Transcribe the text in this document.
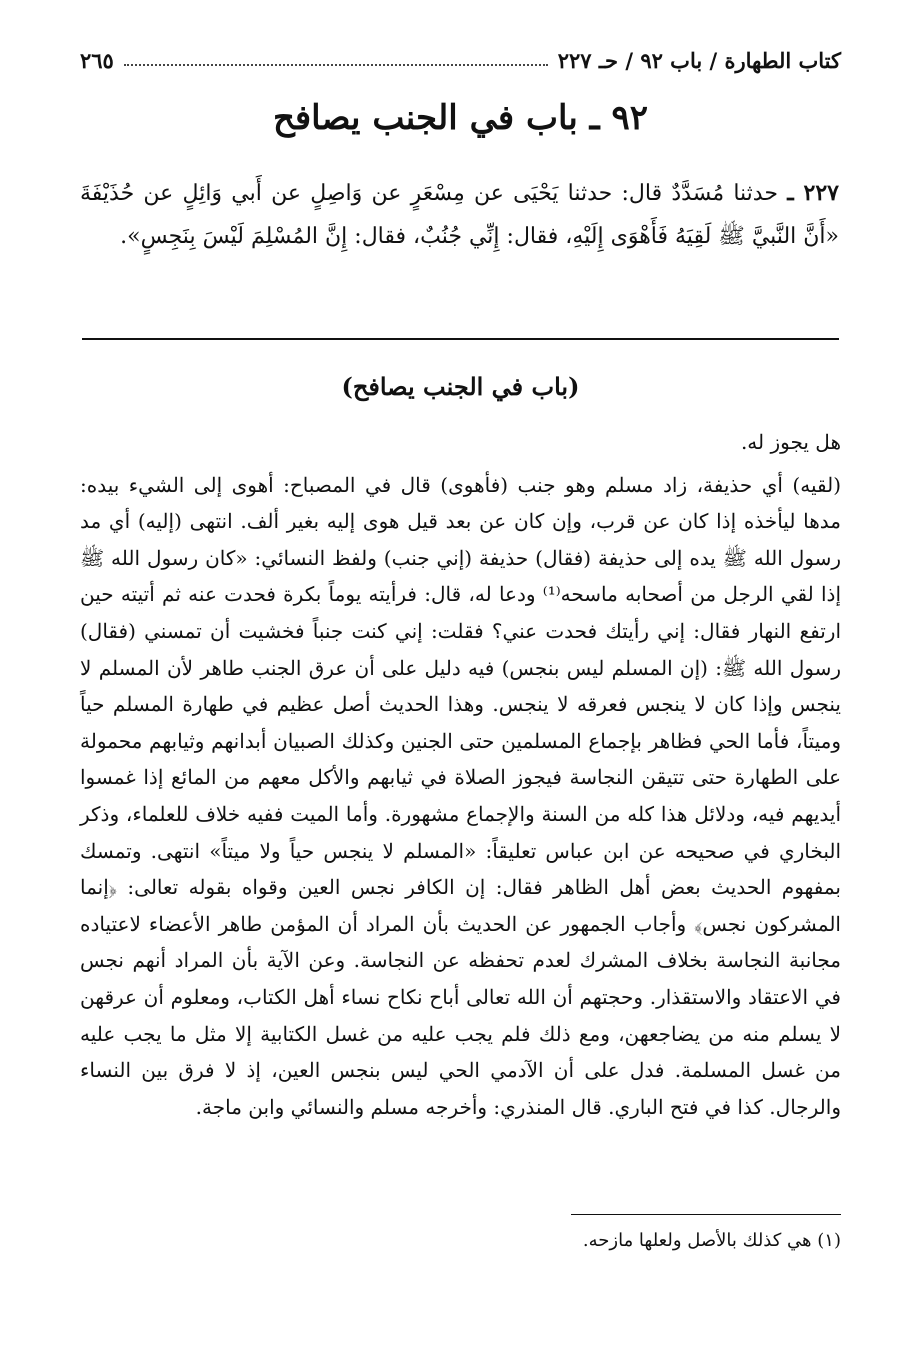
كتاب الطهارة / باب ٩٢ / حـ ٢٢٧
٢٦٥
٩٢ ـ باب في الجنب يصافح
٢٢٧ ـ حدثنا مُسَدَّدٌ قال: حدثنا يَحْيَى عن مِسْعَرٍ عن وَاصِلٍ عن أَبي وَائِلٍ عن حُذَيْفَةَ «أَنَّ النَّبيَّ ﷺ لَقِيَهُ فَأَهْوَى إِلَيْهِ، فقال: إِنِّي جُنُبٌ، فقال: إِنَّ المُسْلِمَ لَيْسَ بِنَجِسٍ».
(باب في الجنب يصافح)

هل يجوز له.

(لقيه) أي حذيفة، زاد مسلم وهو جنب (فأهوى) قال في المصباح: أهوى إلى الشيء بيده: مدها ليأخذه إذا كان عن قرب، وإن كان عن بعد قيل هوى إليه بغير ألف. انتهى (إليه) أي مد رسول الله ﷺ يده إلى حذيفة (فقال) حذيفة (إني جنب) ولفظ النسائي: «كان رسول الله ﷺ إذا لقي الرجل من أصحابه ماسحه⁽¹⁾ ودعا له، قال: فرأيته يوماً بكرة فحدت عنه ثم أتيته حين ارتفع النهار فقال: إني رأيتك فحدت عني؟ فقلت: إني كنت جنباً فخشيت أن تمسني (فقال) رسول الله ﷺ: (إن المسلم ليس بنجس) فيه دليل على أن عرق الجنب طاهر لأن المسلم لا ينجس وإذا كان لا ينجس فعرقه لا ينجس. وهذا الحديث أصل عظيم في طهارة المسلم حياً وميتاً، فأما الحي فظاهر بإجماع المسلمين حتى الجنين وكذلك الصبيان أبدانهم وثيابهم محمولة على الطهارة حتى تتيقن النجاسة فيجوز الصلاة في ثيابهم والأكل معهم من المائع إذا غمسوا أيديهم فيه، ودلائل هذا كله من السنة والإجماع مشهورة. وأما الميت ففيه خلاف للعلماء، وذكر البخاري في صحيحه عن ابن عباس تعليقاً: «المسلم لا ينجس حياً ولا ميتاً» انتهى. وتمسك بمفهوم الحديث بعض أهل الظاهر فقال: إن الكافر نجس العين وقواه بقوله تعالى: ﴿إنما المشركون نجس﴾ وأجاب الجمهور عن الحديث بأن المراد أن المؤمن طاهر الأعضاء لاعتياده مجانبة النجاسة بخلاف المشرك لعدم تحفظه عن النجاسة. وعن الآية بأن المراد أنهم نجس في الاعتقاد والاستقذار. وحجتهم أن الله تعالى أباح نكاح نساء أهل الكتاب، ومعلوم أن عرقهن لا يسلم منه من يضاجعهن، ومع ذلك فلم يجب عليه من غسل الكتابية إلا مثل ما يجب عليه من غسل المسلمة. فدل على أن الآدمي الحي ليس بنجس العين، إذ لا فرق بين النساء والرجال. كذا في فتح الباري. قال المنذري: وأخرجه مسلم والنسائي وابن ماجة.

(١) هي كذلك بالأصل ولعلها مازحه.
